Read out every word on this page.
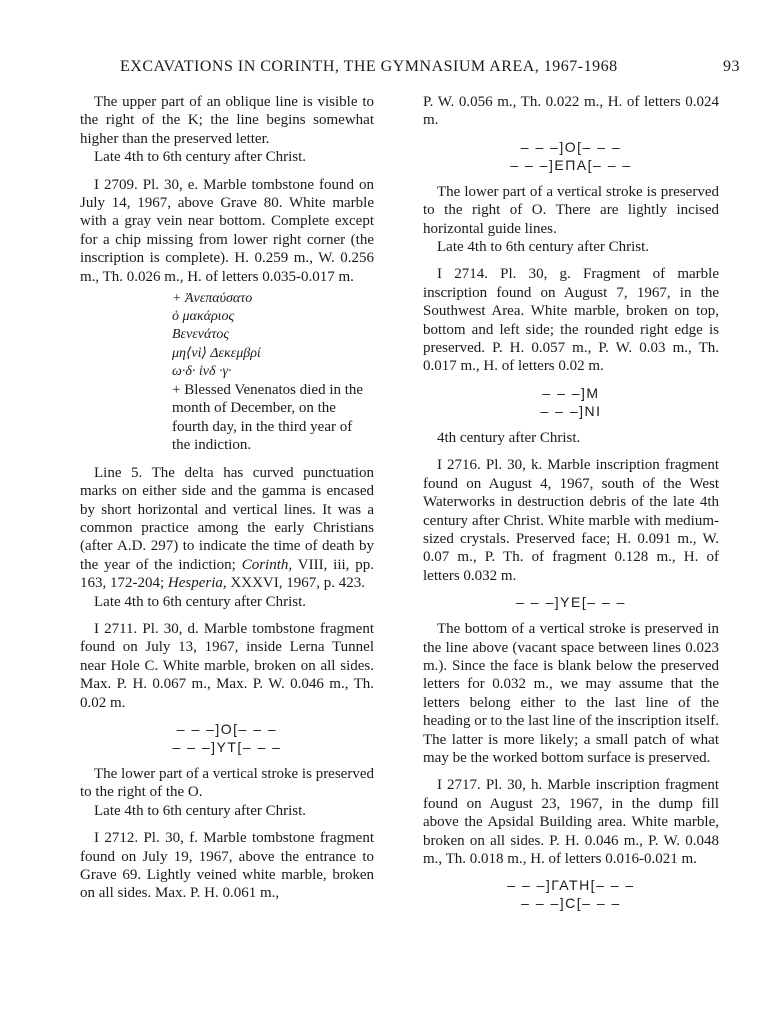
EXCAVATIONS IN CORINTH, THE GYMNASIUM AREA, 1967-1968	93

The upper part of an oblique line is visible to the right of the K; the line begins somewhat higher than the preserved letter.

Late 4th to 6th century after Christ.

I 2709. Pl. 30, e. Marble tombstone found on July 14, 1967, above Grave 80. White marble with a gray vein near bottom. Complete except for a chip missing from lower right corner (the inscription is complete). H. 0.259 m., W. 0.256 m., Th. 0.026 m., H. of letters 0.035-0.017 m.

+ Ἀνεπαύσατο
ὁ μακάριος
Βενενάτος
μη⟨νὶ⟩ Δεκεμβρί
ω·δ· ἰνδ ·γ·

+ Blessed Venenatos died in the month of December, on the fourth day, in the third year of the indiction.

Line 5. The delta has curved punctuation marks on either side and the gamma is encased by short horizontal and vertical lines. It was a common practice among the early Christians (after A.D. 297) to indicate the time of death by the year of the indiction; Corinth, VIII, iii, pp. 163, 172-204; Hesperia, XXXVI, 1967, p. 423.

Late 4th to 6th century after Christ.

I 2711. Pl. 30, d. Marble tombstone fragment found on July 13, 1967, inside Lerna Tunnel near Hole C. White marble, broken on all sides. Max. P. H. 0.067 m., Max. P. W. 0.046 m., Th. 0.02 m.

– – –]Ο[– – –
– – –]ΥΤ[– – –

The lower part of a vertical stroke is preserved to the right of the O.

Late 4th to 6th century after Christ.

I 2712. Pl. 30, f. Marble tombstone fragment found on July 19, 1967, above the entrance to Grave 69. Lightly veined white marble, broken on all sides. Max. P. H. 0.061 m.,

P. W. 0.056 m., Th. 0.022 m., H. of letters 0.024 m.

– – –]Ο[– – –
– – –]ΕΠΑ[– – –

The lower part of a vertical stroke is preserved to the right of O. There are lightly incised horizontal guide lines.

Late 4th to 6th century after Christ.

I 2714. Pl. 30, g. Fragment of marble inscription found on August 7, 1967, in the Southwest Area. White marble, broken on top, bottom and left side; the rounded right edge is preserved. P. H. 0.057 m., P. W. 0.03 m., Th. 0.017 m., H. of letters 0.02 m.

– – –]Μ
– – –]ΝΙ

4th century after Christ.

I 2716. Pl. 30, k. Marble inscription fragment found on August 4, 1967, south of the West Waterworks in destruction debris of the late 4th century after Christ. White marble with medium-sized crystals. Preserved face; H. 0.091 m., W. 0.07 m., P. Th. of fragment 0.128 m., H. of letters 0.032 m.

– – –]ΥΕ[– – –

The bottom of a vertical stroke is preserved in the line above (vacant space between lines 0.023 m.). Since the face is blank below the preserved letters for 0.032 m., we may assume that the letters belong either to the last line of the heading or to the last line of the inscription itself. The latter is more likely; a small patch of what may be the worked bottom surface is preserved.

I 2717. Pl. 30, h. Marble inscription fragment found on August 23, 1967, in the dump fill above the Apsidal Building area. White marble, broken on all sides. P. H. 0.046 m., P. W. 0.048 m., Th. 0.018 m., H. of letters 0.016-0.021 m.

– – –]ΓΑΤΗ[– – –
– – –]C[– – –
